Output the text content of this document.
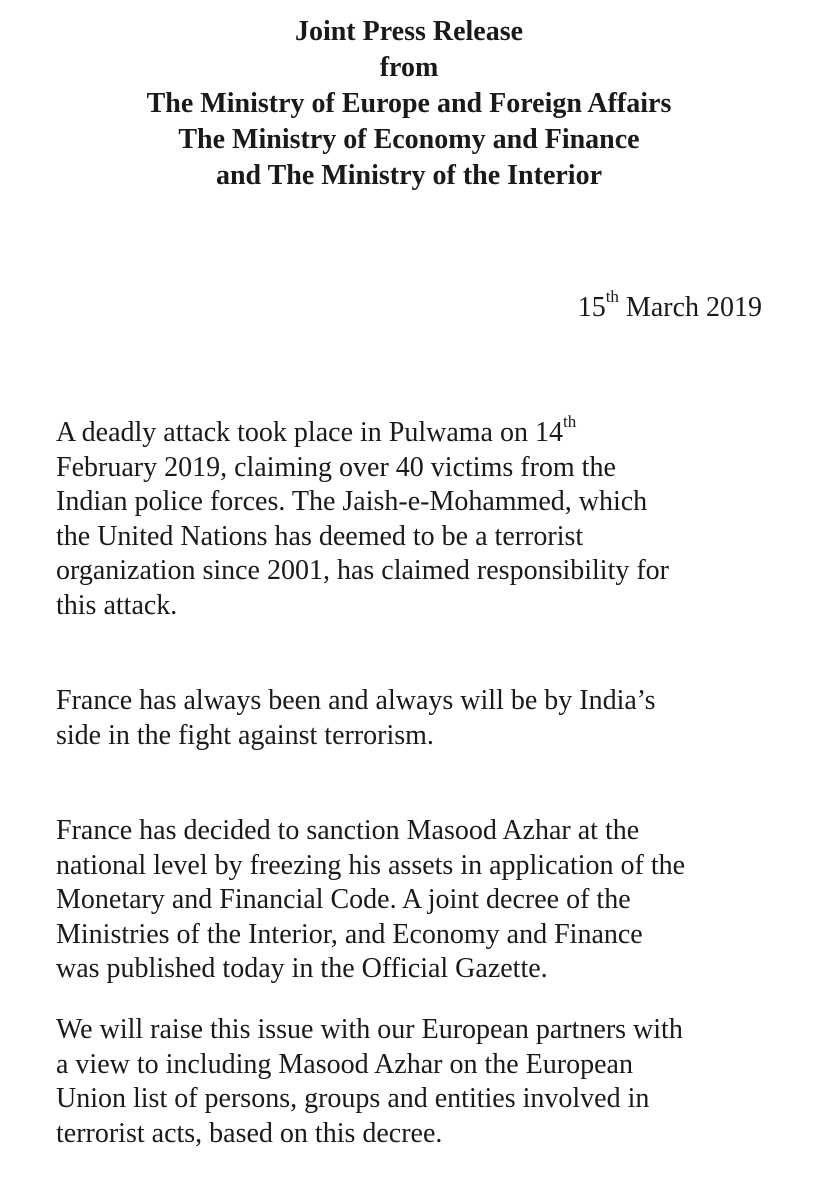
Joint Press Release
from
The Ministry of Europe and Foreign Affairs
The Ministry of Economy and Finance
and The Ministry of the Interior
15th March 2019

A deadly attack took place in Pulwama on 14th
February 2019, claiming over 40 victims from the
Indian police forces. The Jaish-e-Mohammed, which
the United Nations has deemed to be a terrorist
organization since 2001, has claimed responsibility for
this attack.

France has always been and always will be by India’s
side in the fight against terrorism.

France has decided to sanction Masood Azhar at the
national level by freezing his assets in application of the
Monetary and Financial Code. A joint decree of the
Ministries of the Interior, and Economy and Finance
was published today in the Official Gazette.

We will raise this issue with our European partners with
a view to including Masood Azhar on the European
Union list of persons, groups and entities involved in
terrorist acts, based on this decree.
